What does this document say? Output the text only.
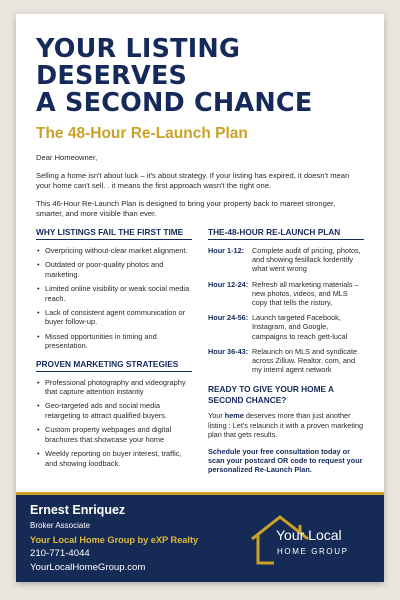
YOUR LISTING DESERVES
A SECOND CHANCE
The 48-Hour Re-Launch Plan

Dear Homeowner,

Selling a home isn't about luck – it's about strategy. If your listing has expired, it doesn't mean your home can't sell. . it means the first approach wasn't the right one.

This 46-Hour Re-Launch Plan is designed to bring your property back to mareet stronger, smarter, and more visible than ever.

WHY LISTINGS FAIL THE FIRST TIME
• Overpricing without-clear market alignment.
• Outdated or poor-quality photos and marketing.
• Limited online visibility or weak social media reach.
• Lack of consistent agent communication or buyer follow-up.
• Missed opportunities in timing and presentation.
PROVEN MARKETING STRATEGIES
• Professional photography and videography that capture attention instantiy
• Geo-targeted ads and social media retargeting to attract qualified buyers.
• Custom property webpages and digital brachures that showcase your home
• Weekly reporting on buyer interest, traffic, and showing loodback.
THE-48-HOUR RE-LAUNCH PLAN
Hour 1-12:	Complete audit of pricing, photos, and showing fesillack fordentify what went wrong
Hour 12-24: Refresh all marketing materials – new photos, videos, and MLS copy that tells the ristory,
Hour 24-56: Launch targeted Facebook, Instagram, and Google, campaigns to reach gett-lucal
Hour 36-43: Relaunch on MLS and syndicate across Zilluw. Realtor. com, and my internl agent network
READY TO GIVE YOUR HOME A SECOND CHANCE?
Your heme deserves more than just another listing : Let's relaunch it with a proven marketing plan that gets results.
Schedulе your free consultation today or scan your postcard OR code to request your personalized Re-Launch Plan.
Ernest Enriquez
Broker Associate
Your Local Home Group by eXP Realty
210-771-4044
YourLocalHomeGroup.com
Your Local
HOME GROUP
